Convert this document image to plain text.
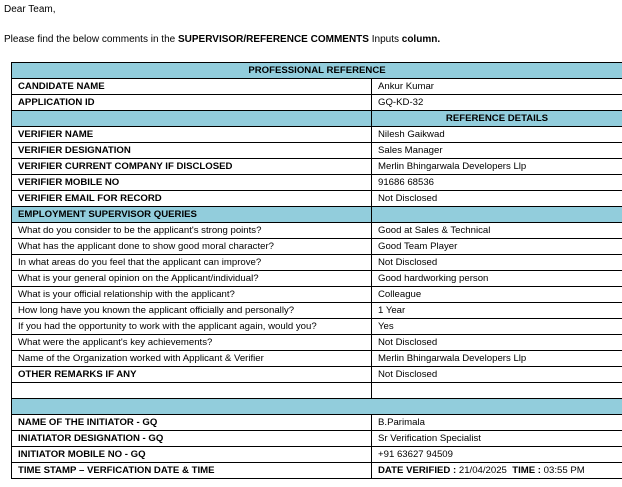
Dear Team,
Please find the below comments in the SUPERVISOR/REFERENCE COMMENTS Inputs column.
PROFESSIONAL REFERENCE	
CANDIDATE NAME	Ankur Kumar
APPLICATION ID	GQ-KD-32
	REFERENCE DETAILS
VERIFIER NAME	Nilesh Gaikwad
VERIFIER DESIGNATION	Sales Manager
VERIFIER CURRENT COMPANY IF DISCLOSED	Merlin Bhingarwala Developers Llp
VERIFIER MOBILE NO	91686 68536
VERIFIER EMAIL FOR RECORD	Not Disclosed
EMPLOYMENT SUPERVISOR QUERIES	
What do you consider to be the applicant's strong points?	Good at Sales & Technical
What has the applicant done to show good moral character?	Good Team Player
In what areas do you feel that the applicant can improve?	Not Disclosed
What is your general opinion on the Applicant/individual?	Good hardworking person
What is your official relationship with the applicant?	Colleague
How long have you known the applicant officially and personally?	1 Year
If you had the opportunity to work with the applicant again, would you?	Yes
What were the applicant's key achievements?	Not Disclosed
Name of the Organization worked with Applicant & Verifier	Merlin Bhingarwala Developers Llp
OTHER REMARKS IF ANY	Not Disclosed

NAME OF THE INITIATOR - GQ	B.Parimala
INIATIATOR DESIGNATION - GQ	Sr Verification Specialist
INITIATOR MOBILE NO - GQ	+91 63627 94509
TIME STAMP – VERFICATION DATE & TIME	DATE VERIFIED : 21/04/2025 TIME : 03:55 PM
